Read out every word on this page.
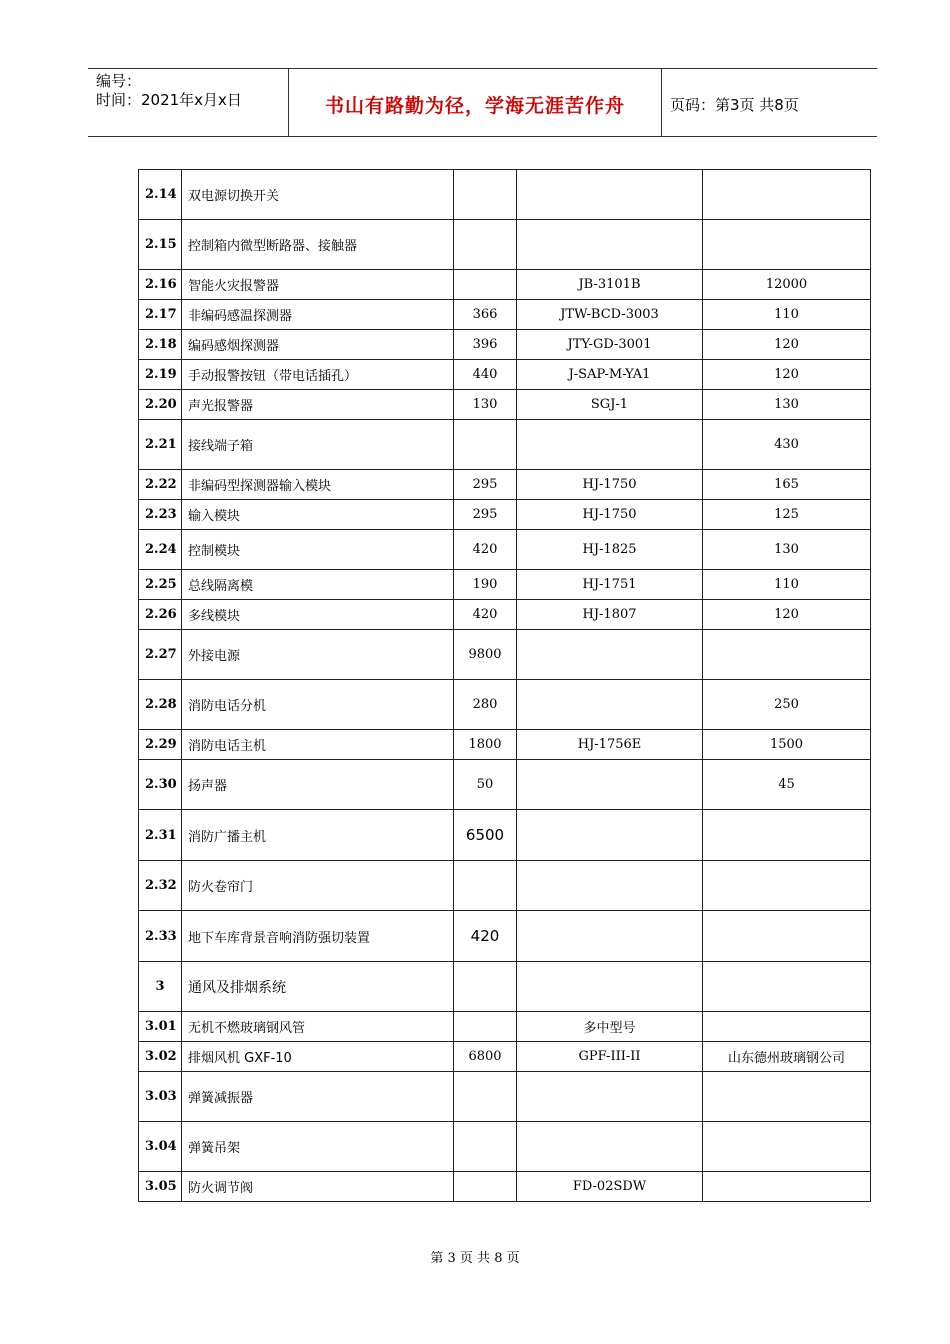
编号：
时间：2021年x月x日	书山有路勤为径，学海无涯苦作舟	页码：第3页 共8页
2.14	双电源切换开关			
2.15	控制箱内微型断路器、接触器			
2.16	智能火灾报警器		JB-3101B	12000
2.17	非编码感温探测器	366	JTW-BCD-3003	110
2.18	编码感烟探测器	396	JTY-GD-3001	120
2.19	手动报警按钮（带电话插孔）	440	J-SAP-M-YA1	120
2.20	声光报警器	130	SGJ-1	130
2.21	接线端子箱			430
2.22	非编码型探测器输入模块	295	HJ-1750	165
2.23	输入模块	295	HJ-1750	125
2.24	控制模块	420	HJ-1825	130
2.25	总线隔离模	190	HJ-1751	110
2.26	多线模块	420	HJ-1807	120
2.27	外接电源	9800		
2.28	消防电话分机	280		250
2.29	消防电话主机	1800	HJ-1756E	1500
2.30	扬声器	50		45
2.31	消防广播主机	6500		
2.32	防火卷帘门			
2.33	地下车库背景音响消防强切装置	420		
3	通风及排烟系统			
3.01	无机不燃玻璃钢风管		多中型号	
3.02	排烟风机 GXF-10	6800	GPF-III-II	山东德州玻璃钢公司
3.03	弹簧减振器			
3.04	弹簧吊架			
3.05	防火调节阀		FD-02SDW	
第 3 页 共 8 页
